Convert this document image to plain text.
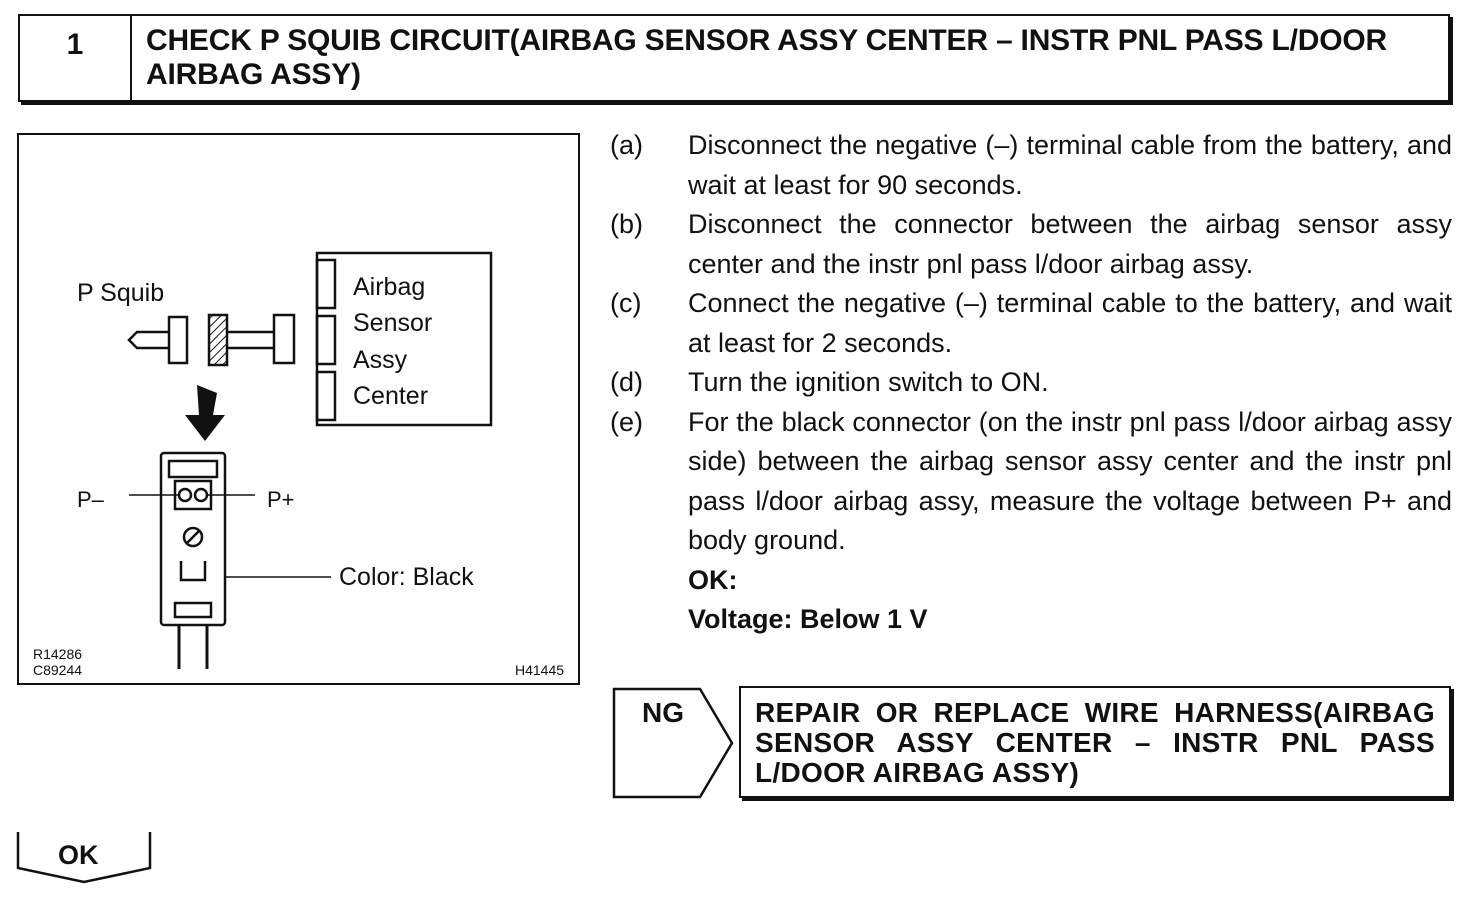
1	CHECK P SQUIB CIRCUIT(AIRBAG SENSOR ASSY CENTER – INSTR PNL PASS L/DOOR AIRBAG ASSY)
P Squib	Airbag
Sensor
Assy
Center
P–	P+
Color: Black
R14286
C89244	H41445
(a) Disconnect the negative (–) terminal cable from the battery, and wait at least for 90 seconds.
(b) Disconnect the connector between the airbag sensor assy center and the instr pnl pass l/door airbag assy.
(c) Connect the negative (–) terminal cable to the battery, and wait at least for 2 seconds.
(d) Turn the ignition switch to ON.
(e) For the black connector (on the instr pnl pass l/door airbag assy side) between the airbag sensor assy center and the instr pnl pass l/door airbag assy, measure the voltage between P+ and body ground.
OK:
Voltage: Below 1 V
NG	REPAIR OR REPLACE WIRE HARNESS(AIRBAG SENSOR ASSY CENTER – INSTR PNL PASS L/DOOR AIRBAG ASSY)
OK
